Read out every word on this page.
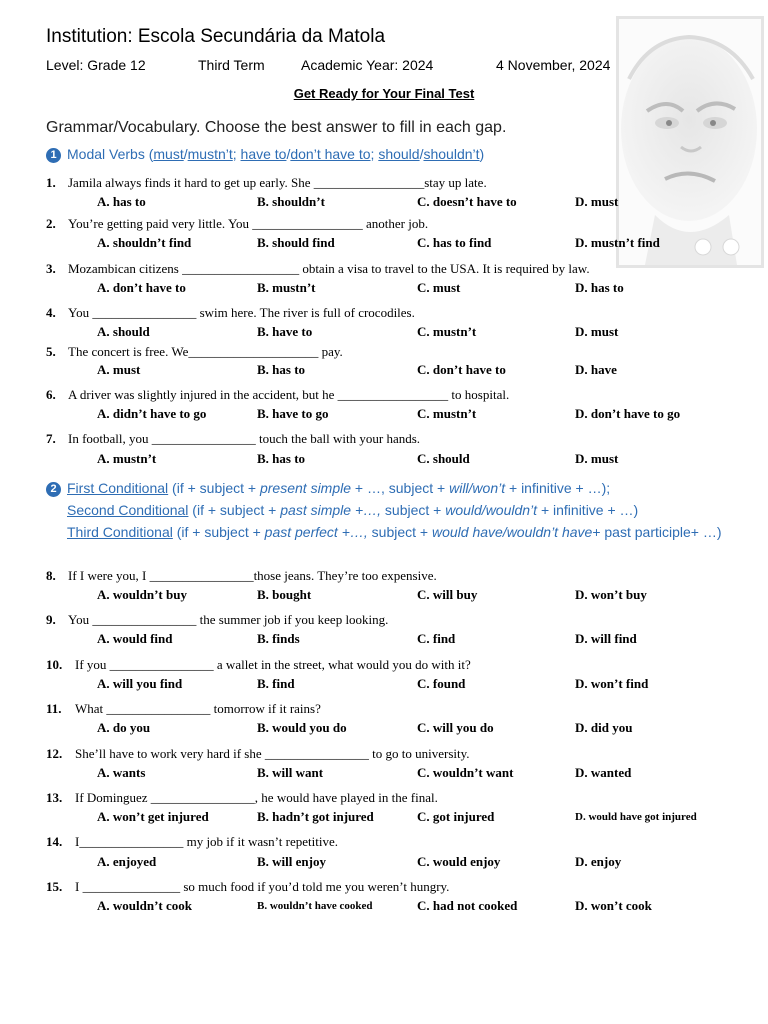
Institution: Escola Secundária da Matola
Level: Grade 12	Third Term	Academic Year: 2024	4 November, 2024
Get Ready for Your Final Test
Grammar/Vocabulary. Choose the best answer to fill in each gap.
1 Modal Verbs (must/mustn’t; have to/don’t have to; should/shouldn’t)
2 First Conditional (if + subject + present simple + …, subject + will/won’t + infinitive + …);
Second Conditional (if + subject + past simple +…, subject + would/wouldn’t + infinitive + …)
Third Conditional (if + subject + past perfect +…, subject + would have/wouldn’t have+ past participle+ …)
1. Jamila always finds it hard to get up early. She _________________stay up late.
A. has to	B. shouldn’t	C. doesn’t have to	D. must
2. You’re getting paid very little. You _________________ another job.
A. shouldn’t find	B. should find	C. has to find	D. mustn’t find
3. Mozambican citizens __________________ obtain a visa to travel to the USA. It is required by law.
A. don’t have to	B. mustn’t	C. must	D. has to
4. You ________________ swim here. The river is full of crocodiles.
A. should	B. have to	C. mustn’t	D. must
5. The concert is free. We____________________ pay.
A. must	B. has to	C. don’t have to	D. have
6. A driver was slightly injured in the accident, but he _________________ to hospital.
A. didn’t have to go	B. have to go	C. mustn’t	D. don’t have to go
7. In football, you ________________ touch the ball with your hands.
A. mustn’t	B. has to	C. should	D. must
8. If I were you, I ________________those jeans. They’re too expensive.
A. wouldn’t buy	B. bought	C. will buy	D. won’t buy
9. You ________________ the summer job if you keep looking.
A. would find	B. finds	C. find	D. will find
10. If you ________________ a wallet in the street, what would you do with it?
A. will you find	B. find	C. found	D. won’t find
11. What ________________ tomorrow if it rains?
A. do you	B. would you do	C. will you do	D. did you
12. She’ll have to work very hard if she ________________ to go to university.
A. wants	B. will want	C. wouldn’t want	D. wanted
13. If Dominguez ________________, he would have played in the final.
A. won’t get injured	B. hadn’t got injured	C. got injured	D. would have got injured
14. I________________ my job if it wasn’t repetitive.
A. enjoyed	B. will enjoy	C. would enjoy	D. enjoy
15. I _______________ so much food if you’d told me you weren’t hungry.
A. wouldn’t cook	B. wouldn’t have cooked	C. had not cooked	D. won’t cook
